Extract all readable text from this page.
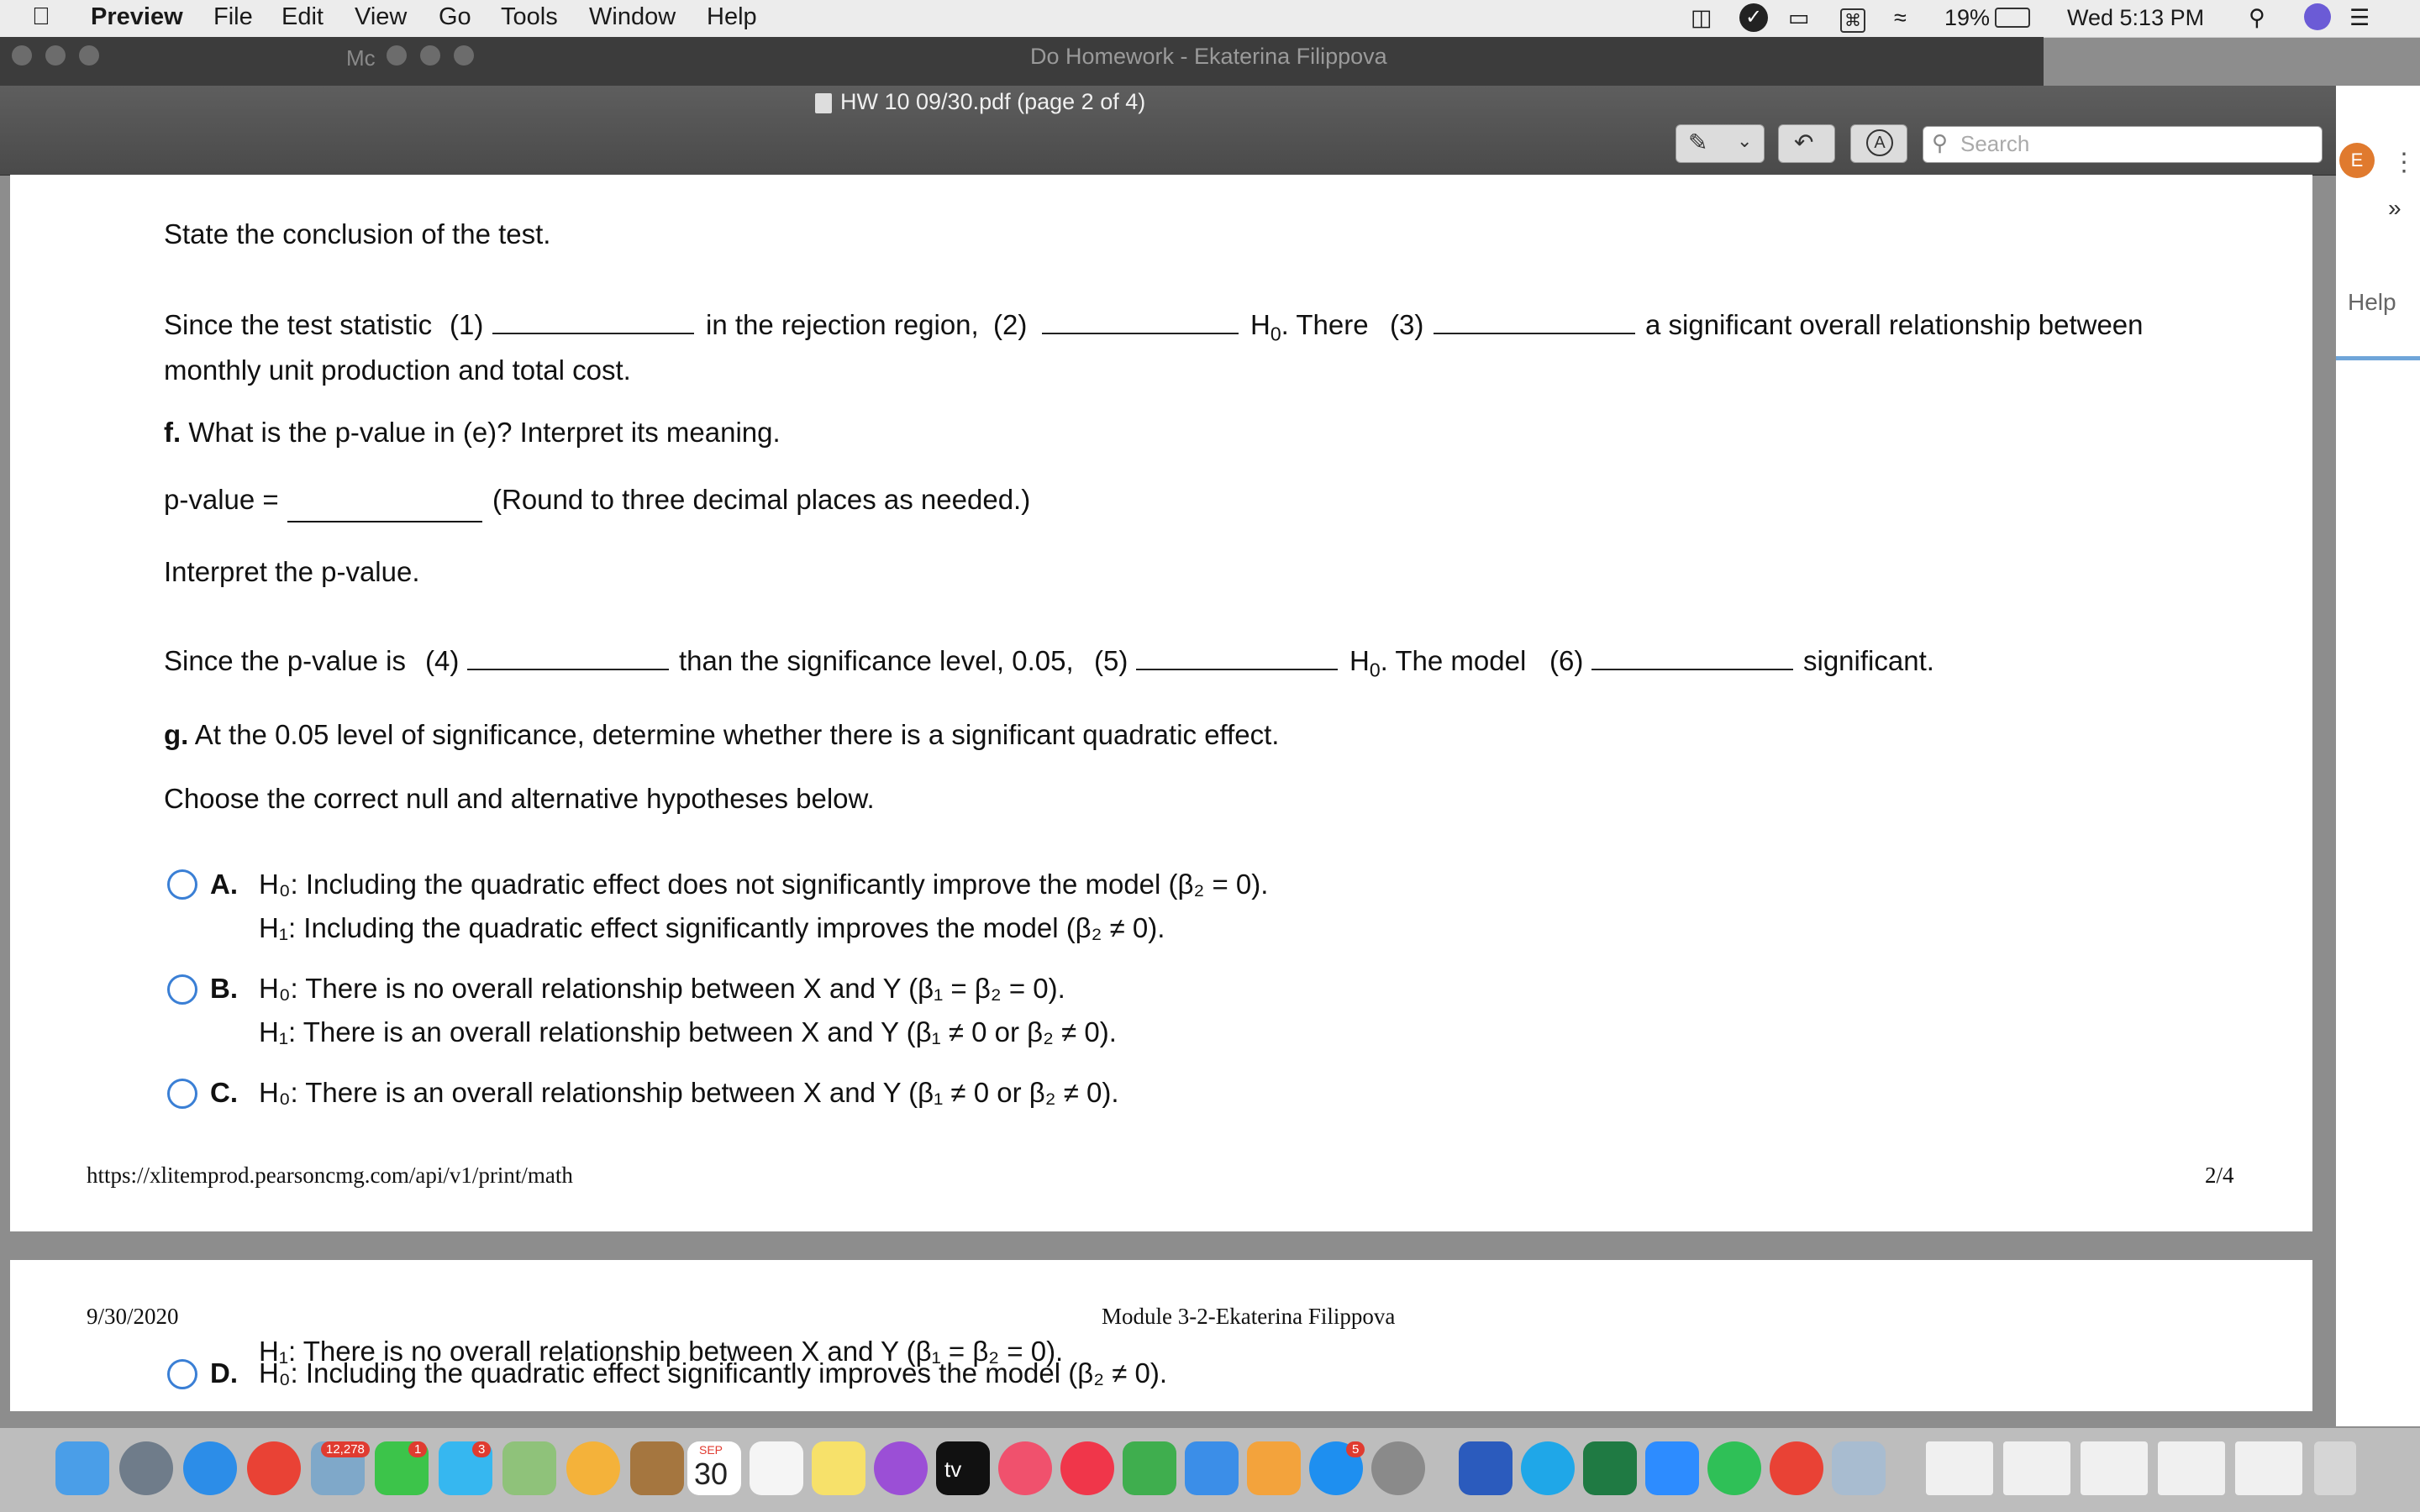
Preview File Edit View Go Tools Window Help	◫ ✓ ▭ ⌘ ≈ 19%	Wed 5:13 PM ⚲	☰
Mc	Do Homework - Ekaterina Filippova
HW 10 09/30.pdf (page 2 of 4)
✎ ⌄ ↶	A	⚲ Search
E	⋮
»
Help
State the conclusion of the test.
Since the test statistic (1)	in the rejection region, (2)	$H_0$. There (3)	a significant overall relationship between
monthly unit production and total cost.
f. What is the p-value in (e)? Interpret its meaning.
p-value =	(Round to three decimal places as needed.)
Interpret the p-value.
Since the p-value is (4)	than the significance level, 0.05, (5)	$H_0$. The model (6)	significant.
g. At the 0.05 level of significance, determine whether there is a significant quadratic effect.
Choose the correct null and alternative hypotheses below.
A. H₀: Including the quadratic effect does not significantly improve the model (β₂ = 0).
H₁: Including the quadratic effect significantly improves the model (β₂ ≠ 0).
B. H₀: There is no overall relationship between X and Y (β₁ = β₂ = 0).
H₁: There is an overall relationship between X and Y (β₁ ≠ 0 or β₂ ≠ 0).
C. H₀: There is an overall relationship between X and Y (β₁ ≠ 0 or β₂ ≠ 0).
https://xlitemprod.pearsoncmg.com/api/v1/print/math	2/4
9/30/2020	Module 3-2-Ekaterina Filippova
D. H₀: Including the quadratic effect significantly improves the model (β₂ ≠ 0).
H₁: There is no overall relationship between X and Y (β₁ = β₂ = 0).
12,278	1	3	SEP
30	tv
5
